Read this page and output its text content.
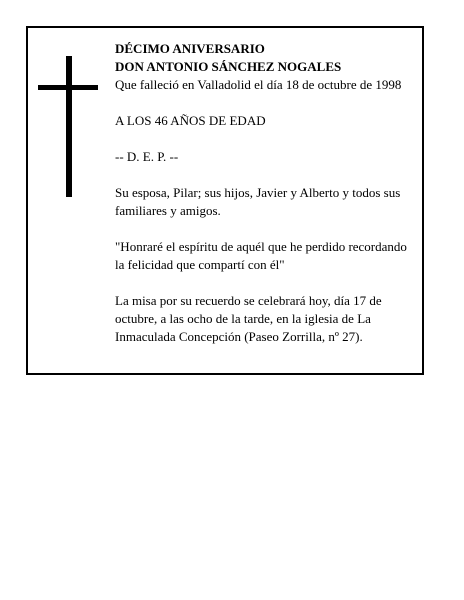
DÉCIMO ANIVERSARIO

DON ANTONIO SÁNCHEZ NOGALES

Que falleció en Valladolid el día 18 de octubre de 1998

A LOS 46 AÑOS DE EDAD

-- D. E. P. --

Su esposa, Pilar; sus hijos, Javier y Alberto y todos sus familiares y amigos.

"Honraré el espíritu de aquél que he perdido recordando

la felicidad que compartí con él"

La misa por su recuerdo se celebrará hoy, día 17 de

octubre, a las ocho de la tarde, en la iglesia de La

Inmaculada Concepción (Paseo Zorrilla, nº 27).
